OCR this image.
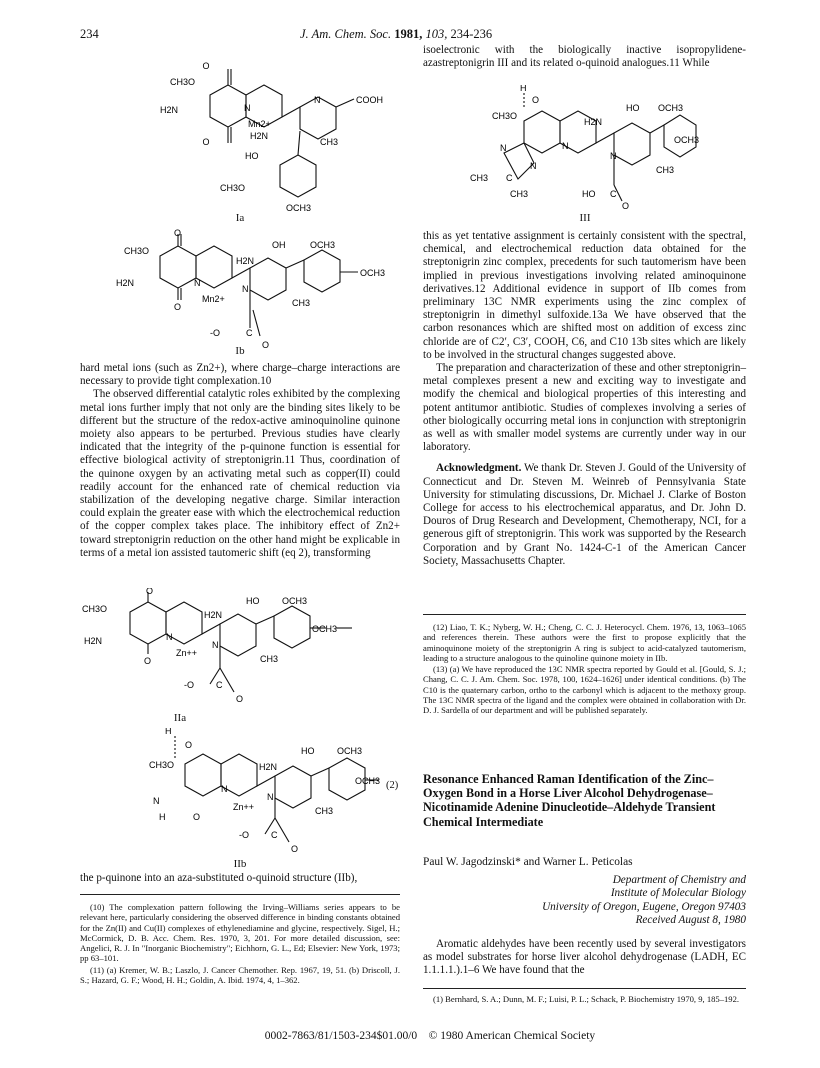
234	J. Am. Chem. Soc. 1981, 103, 234-236
O
CH3O
H2N	N
N	COOH
Mn2+
H2N
CH3
HO
CH3O
OCH3
O
Ia
CH3O
O
H2N
O
N
N
Mn2+
OH	OCH3
H2N
OCH3
CH3
-O	C
O
Ib

hard metal ions (such as Zn2+), where charge–charge interactions are necessary to provide tight complexation.10

The observed differential catalytic roles exhibited by the complexing metal ions further imply that not only are the binding sites likely to be different but the structure of the redox-active aminoquinoline quinone moiety also appears to be perturbed. Previous studies have clearly indicated that the integrity of the p-quinone function is essential for effective biological activity of streptonigrin.11 Thus, coordination of the quinone oxygen by an activating metal such as copper(II) could readily account for the enhanced rate of chemical reduction via stabilization of the developing negative charge. Similar interaction could explain the greater ease with which the electrochemical reduction of the copper complex takes place. The inhibitory effect of Zn2+ toward streptonigrin reduction on the other hand might be explicable in terms of a metal ion assisted tautomeric shift (eq 2), transforming

O
CH3O
H2N
O
N
Zn++
N
HO	OCH3
H2N
OCH3
CH3
-O C
O
IIa
H
O
CH3O
N
H	O
N
Zn++
N
HO	OCH3
H2N
OCH3
CH3
-O C
O
(2)
IIb

the p-quinone into an aza-substituted o-quinoid structure (IIb),

(10) The complexation pattern following the Irving–Williams series appears to be relevant here, particularly considering the observed difference in binding constants obtained for the Zn(II) and Cu(II) complexes of ethylenediamine and glycine, respectively. Sigel, H.; McCormick, D. B. Acc. Chem. Res. 1970, 3, 201. For more detailed discussion, see: Angelici, R. J. In "Inorganic Biochemistry"; Eichhorn, G. L., Ed; Elsevier: New York, 1973; pp 63–101.

(11) (a) Kremer, W. B.; Laszlo, J. Cancer Chemother. Rep. 1967, 19, 51. (b) Driscoll, J. S.; Hazard, G. F.; Wood, H. H.; Goldin, A. Ibid. 1974, 4, 1–362.

isoelectronic with the biologically inactive isopropylidene-azastreptonigrin III and its related o-quinoid analogues.11 While

H
O
CH3O
H2N
HO OCH3
OCH3
N	N
N
CH3 C
N
CH3
CH3
HO C
O
III

this as yet tentative assignment is certainly consistent with the spectral, chemical, and electrochemical reduction data obtained for the streptonigrin zinc complex, precedents for such tautomerism have been implied in previous investigations involving related aminoquinone derivatives.12 Additional evidence in support of IIb comes from preliminary 13C NMR experiments using the zinc complex of streptonigrin in dimethyl sulfoxide.13a We have observed that the carbon resonances which are shifted most on addition of excess zinc chloride are of C2′, C3′, COOH, C6, and C10 13b sites which are likely to be involved in the structural changes suggested above.

The preparation and characterization of these and other streptonigrin–metal complexes present a new and exciting way to investigate and modify the chemical and biological properties of this interesting and potent antitumor antibiotic. Studies of complexes involving a series of other biologically occurring metal ions in conjunction with streptonigrin as well as with smaller model systems are currently under way in our laboratory.

Acknowledgment. We thank Dr. Steven J. Gould of the University of Connecticut and Dr. Steven M. Weinreb of Pennsylvania State University for stimulating discussions, Dr. Michael J. Clarke of Boston College for access to his electrochemical apparatus, and Dr. John D. Douros of Drug Research and Development, Chemotherapy, NCI, for a generous gift of streptonigrin. This work was supported by the Research Corporation and by Grant No. 1424-C-1 of the American Cancer Society, Massachusetts Chapter.

(12) Liao, T. K.; Nyberg, W. H.; Cheng, C. C. J. Heterocycl. Chem. 1976, 13, 1063–1065 and references therein. These authors were the first to propose explicitly that the aminoquinone moiety of the streptonigrin A ring is subject to acid-catalyzed tautomerism, leading to a structure analogous to the quinoline quinone moiety in IIb.

(13) (a) We have reproduced the 13C NMR spectra reported by Gould et al. [Gould, S. J.; Chang, C. C. J. Am. Chem. Soc. 1978, 100, 1624–1626] under identical conditions. (b) The C10 is the quaternary carbon, ortho to the carbonyl which is adjacent to the methoxy group. The 13C NMR spectra of the ligand and the complex were obtained in collaboration with Dr. D. J. Sardella of our department and will be published separately.

Resonance Enhanced Raman Identification of the Zinc–Oxygen Bond in a Horse Liver Alcohol Dehydrogenase–Nicotinamide Adenine Dinucleotide–Aldehyde Transient Chemical Intermediate
Paul W. Jagodzinski* and Warner L. Peticolas
Department of Chemistry and
Institute of Molecular Biology
University of Oregon, Eugene, Oregon 97403
Received August 8, 1980

Aromatic aldehydes have been recently used by several investigators as model substrates for horse liver alcohol dehydrogenase (LADH, EC 1.1.1.1.).1–6 We have found that the

(1) Bernhard, S. A.; Dunn, M. F.; Luisi, P. L.; Schack, P. Biochemistry 1970, 9, 185–192.

0002-7863/81/1503-234$01.00/0 © 1980 American Chemical Society
